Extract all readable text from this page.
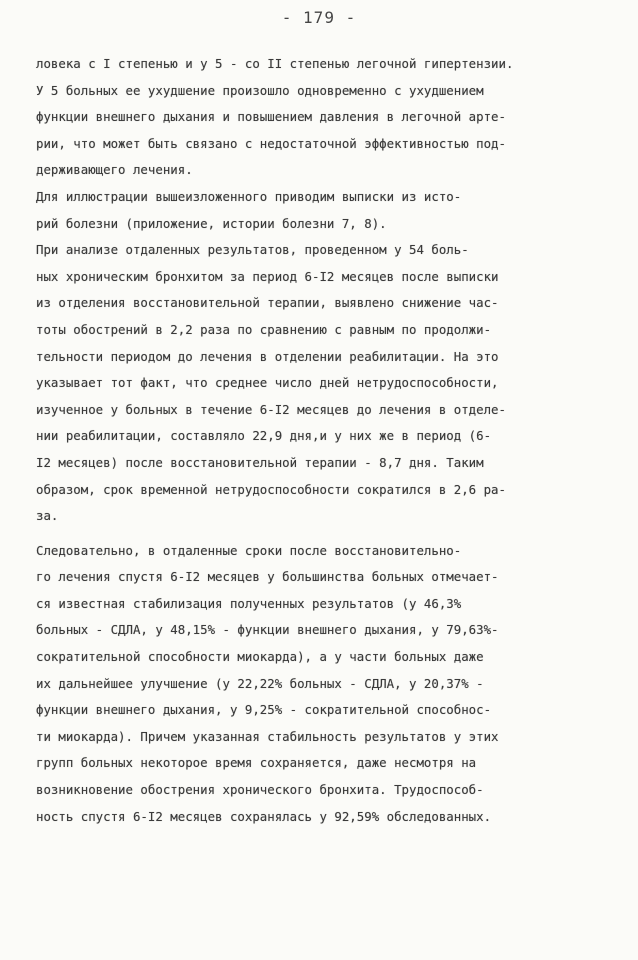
- 179 -
ловека с I степенью и у 5 - со II степенью легочной гипертензии.
У 5 больных ее ухудшение произошло одновременно с ухудшением
функции внешнего дыхания и повышением давления в легочной арте-
рии, что может быть связано с недостаточной эффективностью под-
держивающего лечения.
Для иллюстрации вышеизложенного приводим выписки из исто-
рий болезни (приложение, истории болезни 7, 8).
При анализе отдаленных результатов, проведенном у 54 боль-
ных хроническим бронхитом за период 6-I2 месяцев после выписки
из отделения восстановительной терапии, выявлено снижение час-
тоты обострений в 2,2 раза по сравнению с равным по продолжи-
тельности периодом до лечения в отделении реабилитации. На это
указывает тот факт, что среднее число дней нетрудоспособности,
изученное у больных в течение 6-I2 месяцев до лечения в отделе-
нии реабилитации, составляло 22,9 дня,и у них же в период (6-
I2 месяцев) после восстановительной терапии - 8,7 дня. Таким
образом, срок временной нетрудоспособности сократился в 2,6 ра-
за.
Следовательно, в отдаленные сроки после восстановительно-
го лечения спустя 6-I2 месяцев у большинства больных отмечает-
ся известная стабилизация полученных результатов (у 46,3%
больных - СДЛА, у 48,15% - функции внешнего дыхания, у 79,63%-
сократительной способности миокарда), а у части больных даже
их дальнейшее улучшение (у 22,22% больных - СДЛА, у 20,37% -
функции внешнего дыхания, у 9,25% - сократительной способнос-
ти миокарда). Причем указанная стабильность результатов у этих
групп больных некоторое время сохраняется, даже несмотря на
возникновение обострения хронического бронхита. Трудоспособ-
ность спустя 6-I2 месяцев сохранялась у 92,59% обследованных.
